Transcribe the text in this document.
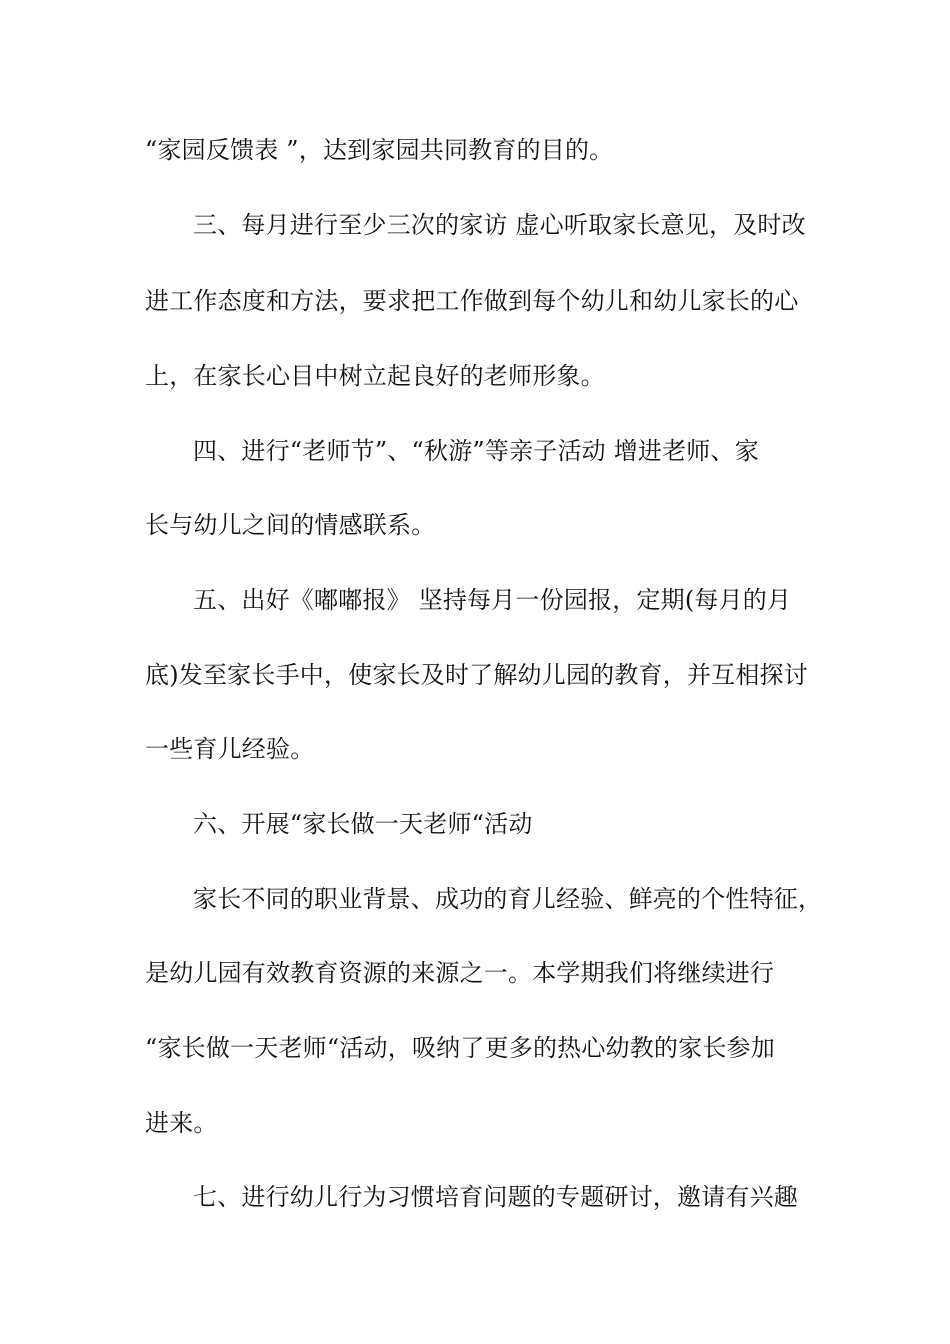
“家园反馈表 ”，达到家园共同教育的目的。
三、每月进行至少三次的家访 虚心听取家长意见，及时改
进工作态度和方法，要求把工作做到每个幼儿和幼儿家长的心
上，在家长心目中树立起良好的老师形象。
四、进行“老师节”、“秋游”等亲子活动 增进老师、家
长与幼儿之间的情感联系。
五、出好《嘟嘟报》 坚持每月一份园报，定期(每月的月
底)发至家长手中，使家长及时了解幼儿园的教育，并互相探讨
一些育儿经验。
六、开展“家长做一天老师“活动
家长不同的职业背景、成功的育儿经验、鲜亮的个性特征，
是幼儿园有效教育资源的来源之一。本学期我们将继续进行
“家长做一天老师“活动，吸纳了更多的热心幼教的家长参加
进来。
七、进行幼儿行为习惯培育问题的专题研讨，邀请有兴趣
